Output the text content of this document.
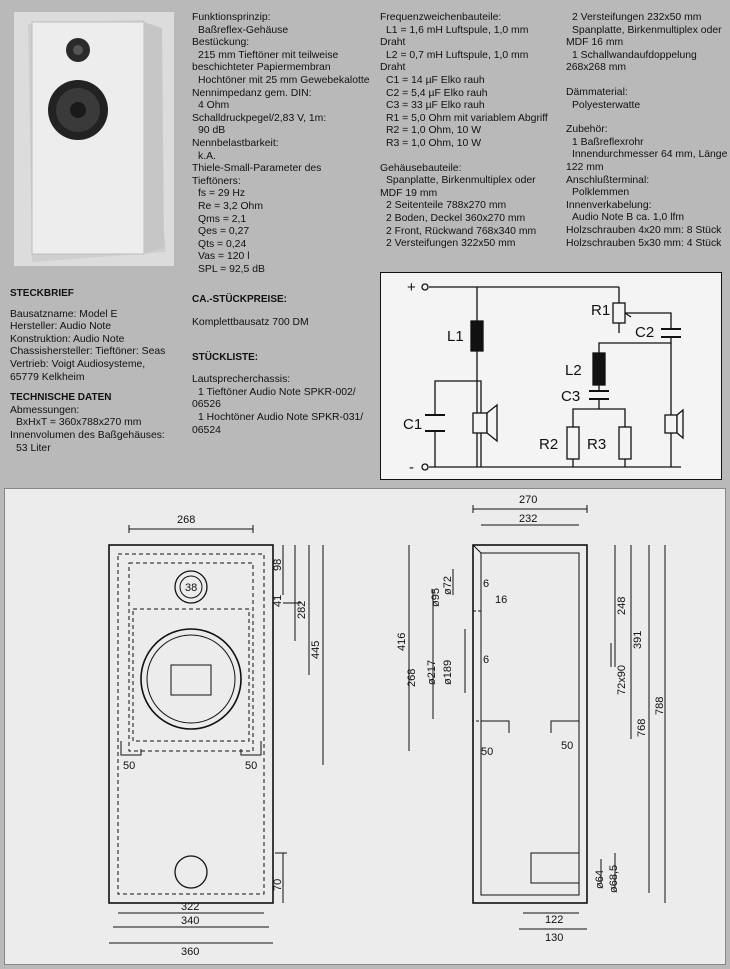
STECKBRIEF
Bausatzname: Model E
Hersteller: Audio Note
Konstruktion: Audio Note
Chassishersteller: Tieftöner: Seas
Vertrieb: Voigt Audiosysteme,
65779 Kelkheim
TECHNISCHE DATEN
Abmessungen:
BxHxT = 360x788x270 mm
Innenvolumen des Baßgehäuses:
53 Liter
Funktionsprinzip:
Baßreflex-Gehäuse
Bestückung:
215 mm Tieftöner mit teilweise
beschichteter Papiermembran
Hochtöner mit 25 mm Gewebekalotte
Nennimpedanz gem. DIN:
4 Ohm
Schalldruckpegel/2,83 V, 1m:
90 dB
Nennbelastbarkeit:
k.A.
Thiele-Small-Parameter des
Tieftöners:
fs = 29 Hz
Re = 3,2 Ohm
Qms = 2,1
Qes = 0,27
Qts = 0,24
Vas = 120 l
SPL = 92,5 dB
CA.-STÜCKPREISE:
Komplettbausatz 700 DM
STÜCKLISTE:
Lautsprecherchassis:
1 Tieftöner Audio Note SPKR-002/
06526
1 Hochtöner Audio Note SPKR-031/
06524
Frequenzweichenbauteile:
L1 = 1,6 mH Luftspule, 1,0 mm
Draht
L2 = 0,7 mH Luftspule, 1,0 mm
Draht
C1 = 14 µF Elko rauh
C2 = 5,4 µF Elko rauh
C3 = 33 µF Elko rauh
R1 = 5,0 Ohm mit variablem Abgriff
R2 = 1,0 Ohm, 10 W
R3 = 1,0 Ohm, 10 W
Gehäusebauteile:
Spanplatte, Birkenmultiplex oder
MDF 19 mm
2 Seitenteile 788x270 mm
2 Boden, Deckel 360x270 mm
2 Front, Rückwand 768x340 mm
2 Versteifungen 322x50 mm
2 Versteifungen 232x50 mm
Spanplatte, Birkenmultiplex oder
MDF 16 mm
1 Schallwandaufdoppelung
268x268 mm
Dämmaterial:
Polyesterwatte
Zubehör:
1 Baßreflexrohr
Innendurchmesser 64 mm, Länge
122 mm
Anschlußterminal:
Polklemmen
Innenverkabelung:
Audio Note B ca. 1,0 lfm
Holzschrauben 4x20 mm: 8 Stück
Holzschrauben 5x30 mm: 4 Stück
+
-
L1
C1
R1
C2
L2
C3
R2 R3
268
38
98
41 282
445
50	50
70
322
340
360
270
232
6
16
6
ø72
ø95
ø217 ø189
416
268
248
391
72x90
768
788
50	50
ø64 ø68,5
122
130
